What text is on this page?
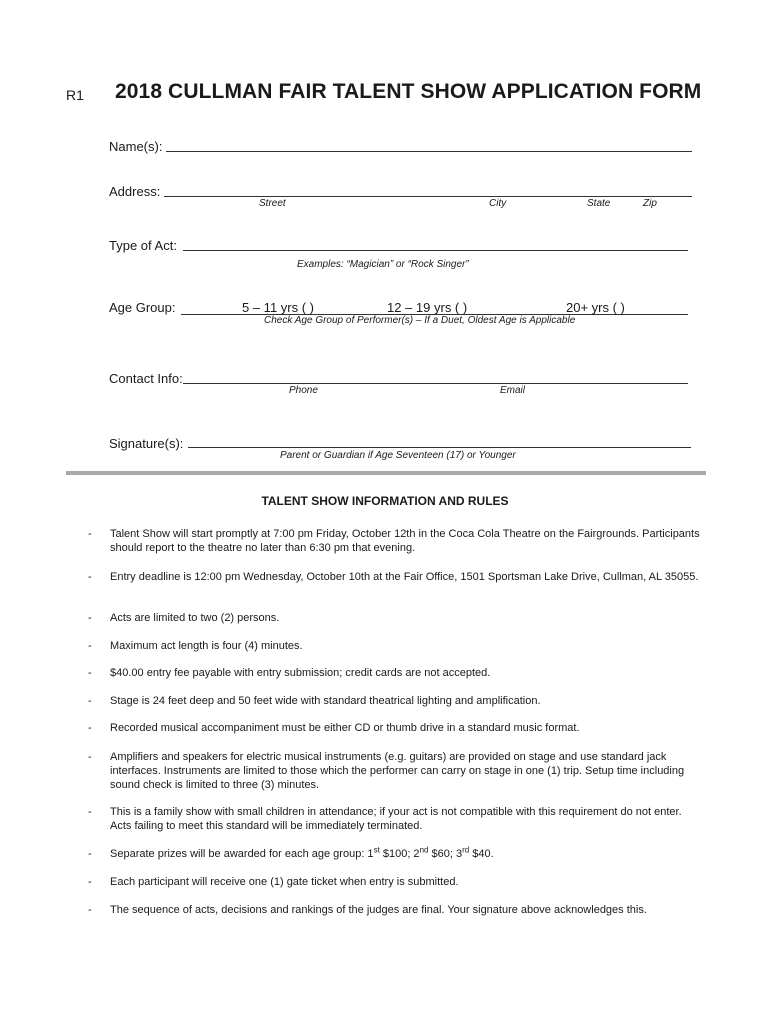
R1 2018 CULLMAN FAIR TALENT SHOW APPLICATION FORM
Name(s):
Address:
Street	City	State	Zip
Type of Act:
Examples: “Magician” or “Rock Singer”
Age Group:	5 – 11 yrs ( )	12 – 19 yrs ( )	20+ yrs ( )
Check Age Group of Performer(s) – If a Duet, Oldest Age is Applicable
Contact Info:
Phone	Email
Signature(s):
Parent or Guardian if Age Seventeen (17) or Younger
TALENT SHOW INFORMATION AND RULES
- Talent Show will start promptly at 7:00 pm Friday, October 12th in the Coca Cola Theatre on the Fairgrounds. Participants should report to the theatre no later than 6:30 pm that evening.
- Entry deadline is 12:00 pm Wednesday, October 10th at the Fair Office, 1501 Sportsman Lake Drive, Cullman, AL 35055.
- Acts are limited to two (2) persons.
- Maximum act length is four (4) minutes.
- $40.00 entry fee payable with entry submission; credit cards are not accepted.
- Stage is 24 feet deep and 50 feet wide with standard theatrical lighting and amplification.
- Recorded musical accompaniment must be either CD or thumb drive in a standard music format.
- Amplifiers and speakers for electric musical instruments (e.g. guitars) are provided on stage and use standard jack interfaces. Instruments are limited to those which the performer can carry on stage in one (1) trip. Setup time including sound check is limited to three (3) minutes.
- This is a family show with small children in attendance; if your act is not compatible with this requirement do not enter. Acts failing to meet this standard will be immediately terminated.
- Separate prizes will be awarded for each age group: 1st $100; 2nd $60; 3rd $40.
- Each participant will receive one (1) gate ticket when entry is submitted.
- The sequence of acts, decisions and rankings of the judges are final. Your signature above acknowledges this.
